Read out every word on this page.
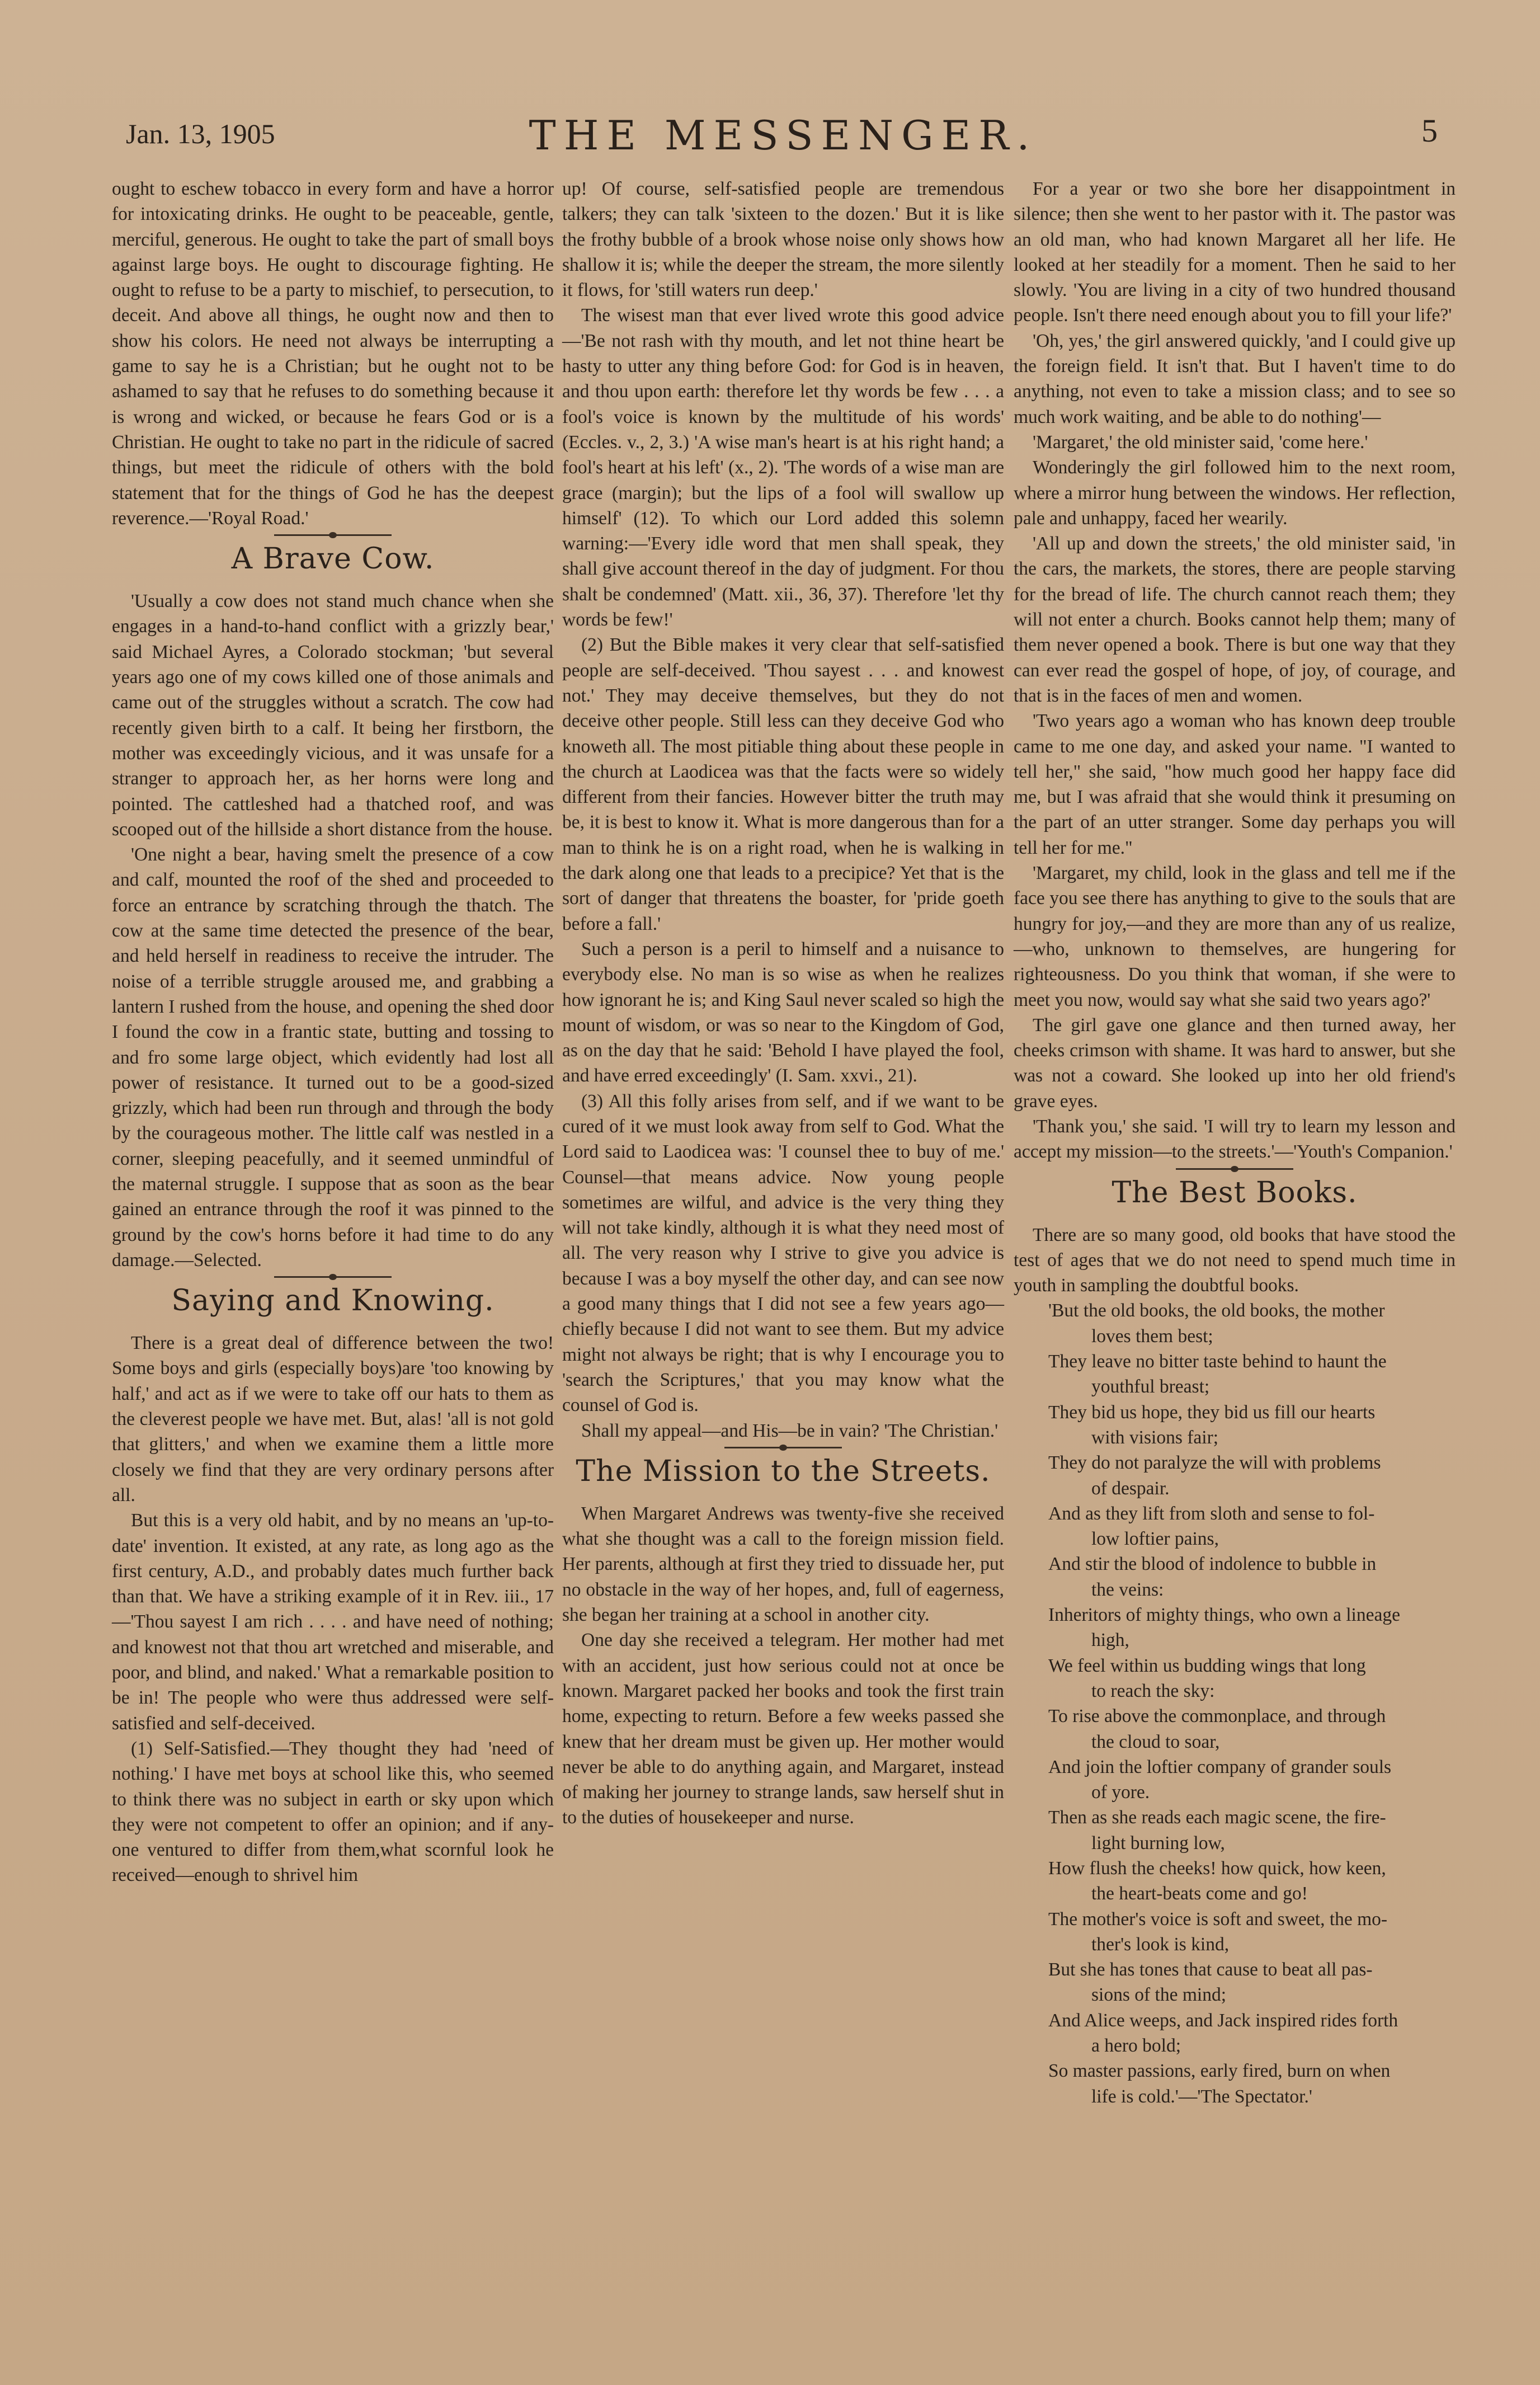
Jan. 13, 1905	THE MESSENGER.	5

ought to eschew tobacco in every form and have a horror for intoxicating drinks. He ought to be peaceable, gentle, merciful, generous. He ought to take the part of small boys against large boys. He ought to discourage fighting. He ought to refuse to be a party to mischief, to persecution, to deceit. And above all things, he ought now and then to show his colors. He need not always be interrupting a game to say he is a Christian; but he ought not to be ashamed to say that he refuses to do something because it is wrong and wicked, or because he fears God or is a Christian. He ought to take no part in the ridicule of sacred things, but meet the ridicule of others with the bold statement that for the things of God he has the deepest reverence.—'Royal Road.'

A Brave Cow.

'Usually a cow does not stand much chance when she engages in a hand-to-hand conflict with a grizzly bear,' said Michael Ayres, a Colorado stockman; 'but several years ago one of my cows killed one of those animals and came out of the struggles without a scratch. The cow had recently given birth to a calf. It being her firstborn, the mother was exceedingly vicious, and it was unsafe for a stranger to approach her, as her horns were long and pointed. The cattleshed had a thatched roof, and was scooped out of the hillside a short distance from the house.

'One night a bear, having smelt the presence of a cow and calf, mounted the roof of the shed and proceeded to force an entrance by scratching through the thatch. The cow at the same time detected the presence of the bear, and held herself in readiness to receive the intruder. The noise of a terrible struggle aroused me, and grabbing a lantern I rushed from the house, and opening the shed door I found the cow in a frantic state, butting and tossing to and fro some large object, which evidently had lost all power of resistance. It turned out to be a good-sized grizzly, which had been run through and through the body by the courageous mother. The little calf was nestled in a corner, sleeping peacefully, and it seemed unmindful of the maternal struggle. I suppose that as soon as the bear gained an entrance through the roof it was pinned to the ground by the cow's horns before it had time to do any damage.—Selected.

Saying and Knowing.

There is a great deal of difference between the two! Some boys and girls (especially boys)are 'too knowing by half,' and act as if we were to take off our hats to them as the cleverest people we have met. But, alas! 'all is not gold that glitters,' and when we examine them a little more closely we find that they are very ordinary persons after all.

But this is a very old habit, and by no means an 'up-to-date' invention. It existed, at any rate, as long ago as the first century, A.D., and probably dates much further back than that. We have a striking example of it in Rev. iii., 17—'Thou sayest I am rich . . . . and have need of nothing; and knowest not that thou art wretched and miserable, and poor, and blind, and naked.' What a remarkable position to be in! The people who were thus addressed were self-satisfied and self-deceived.

(1) Self-Satisfied.—They thought they had 'need of nothing.' I have met boys at school like this, who seemed to think there was no subject in earth or sky upon which they were not competent to offer an opinion; and if any-one ventured to differ from them,what scornful look he received—enough to shrivel him

up! Of course, self-satisfied people are tremendous talkers; they can talk 'sixteen to the dozen.' But it is like the frothy bubble of a brook whose noise only shows how shallow it is; while the deeper the stream, the more silently it flows, for 'still waters run deep.'

The wisest man that ever lived wrote this good advice—'Be not rash with thy mouth, and let not thine heart be hasty to utter any thing before God: for God is in heaven, and thou upon earth: therefore let thy words be few . . . a fool's voice is known by the multitude of his words' (Eccles. v., 2, 3.) 'A wise man's heart is at his right hand; a fool's heart at his left' (x., 2). 'The words of a wise man are grace (margin); but the lips of a fool will swallow up himself' (12). To which our Lord added this solemn warning:—'Every idle word that men shall speak, they shall give account thereof in the day of judgment. For thou shalt be condemned' (Matt. xii., 36, 37). Therefore 'let thy words be few!'

(2) But the Bible makes it very clear that self-satisfied people are self-deceived. 'Thou sayest . . . and knowest not.' They may deceive themselves, but they do not deceive other people. Still less can they deceive God who knoweth all. The most pitiable thing about these people in the church at Laodicea was that the facts were so widely different from their fancies. However bitter the truth may be, it is best to know it. What is more dangerous than for a man to think he is on a right road, when he is walking in the dark along one that leads to a precipice? Yet that is the sort of danger that threatens the boaster, for 'pride goeth before a fall.'

Such a person is a peril to himself and a nuisance to everybody else. No man is so wise as when he realizes how ignorant he is; and King Saul never scaled so high the mount of wisdom, or was so near to the Kingdom of God, as on the day that he said: 'Behold I have played the fool, and have erred exceedingly' (I. Sam. xxvi., 21).

(3) All this folly arises from self, and if we want to be cured of it we must look away from self to God. What the Lord said to Laodicea was: 'I counsel thee to buy of me.' Counsel—that means advice. Now young people sometimes are wilful, and advice is the very thing they will not take kindly, although it is what they need most of all. The very reason why I strive to give you advice is because I was a boy myself the other day, and can see now a good many things that I did not see a few years ago—chiefly because I did not want to see them. But my advice might not always be right; that is why I encourage you to 'search the Scriptures,' that you may know what the counsel of God is.

Shall my appeal—and His—be in vain? 'The Christian.'

The Mission to the Streets.

When Margaret Andrews was twenty-five she received what she thought was a call to the foreign mission field. Her parents, although at first they tried to dissuade her, put no obstacle in the way of her hopes, and, full of eagerness, she began her training at a school in another city.

One day she received a telegram. Her mother had met with an accident, just how serious could not at once be known. Margaret packed her books and took the first train home, expecting to return. Before a few weeks passed she knew that her dream must be given up. Her mother would never be able to do anything again, and Margaret, instead of making her journey to strange lands, saw herself shut in to the duties of housekeeper and nurse.

For a year or two she bore her disappointment in silence; then she went to her pastor with it. The pastor was an old man, who had known Margaret all her life. He looked at her steadily for a moment. Then he said to her slowly. 'You are living in a city of two hundred thousand people. Isn't there need enough about you to fill your life?'

'Oh, yes,' the girl answered quickly, 'and I could give up the foreign field. It isn't that. But I haven't time to do anything, not even to take a mission class; and to see so much work waiting, and be able to do nothing'—

'Margaret,' the old minister said, 'come here.'

Wonderingly the girl followed him to the next room, where a mirror hung between the windows. Her reflection, pale and unhappy, faced her wearily.

'All up and down the streets,' the old minister said, 'in the cars, the markets, the stores, there are people starving for the bread of life. The church cannot reach them; they will not enter a church. Books cannot help them; many of them never opened a book. There is but one way that they can ever read the gospel of hope, of joy, of courage, and that is in the faces of men and women.

'Two years ago a woman who has known deep trouble came to me one day, and asked your name. "I wanted to tell her," she said, "how much good her happy face did me, but I was afraid that she would think it presuming on the part of an utter stranger. Some day perhaps you will tell her for me."

'Margaret, my child, look in the glass and tell me if the face you see there has anything to give to the souls that are hungry for joy,—and they are more than any of us realize,—who, unknown to themselves, are hungering for righteousness. Do you think that woman, if she were to meet you now, would say what she said two years ago?'

The girl gave one glance and then turned away, her cheeks crimson with shame. It was hard to answer, but she was not a coward. She looked up into her old friend's grave eyes.

'Thank you,' she said. 'I will try to learn my lesson and accept my mission—to the streets.'—'Youth's Companion.'

The Best Books.

There are so many good, old books that have stood the test of ages that we do not need to spend much time in youth in sampling the doubtful books.

'But the old books, the old books, the mother

loves them best;

They leave no bitter taste behind to haunt the

youthful breast;

They bid us hope, they bid us fill our hearts

with visions fair;

They do not paralyze the will with problems

of despair.

And as they lift from sloth and sense to fol-

low loftier pains,

And stir the blood of indolence to bubble in

the veins:

Inheritors of mighty things, who own a lineage

high,

We feel within us budding wings that long

to reach the sky:

To rise above the commonplace, and through

the cloud to soar,

And join the loftier company of grander souls

of yore.

Then as she reads each magic scene, the fire-

light burning low,

How flush the cheeks! how quick, how keen,

the heart-beats come and go!

The mother's voice is soft and sweet, the mo-

ther's look is kind,

But she has tones that cause to beat all pas-

sions of the mind;

And Alice weeps, and Jack inspired rides forth

a hero bold;

So master passions, early fired, burn on when

life is cold.'—'The Spectator.'
